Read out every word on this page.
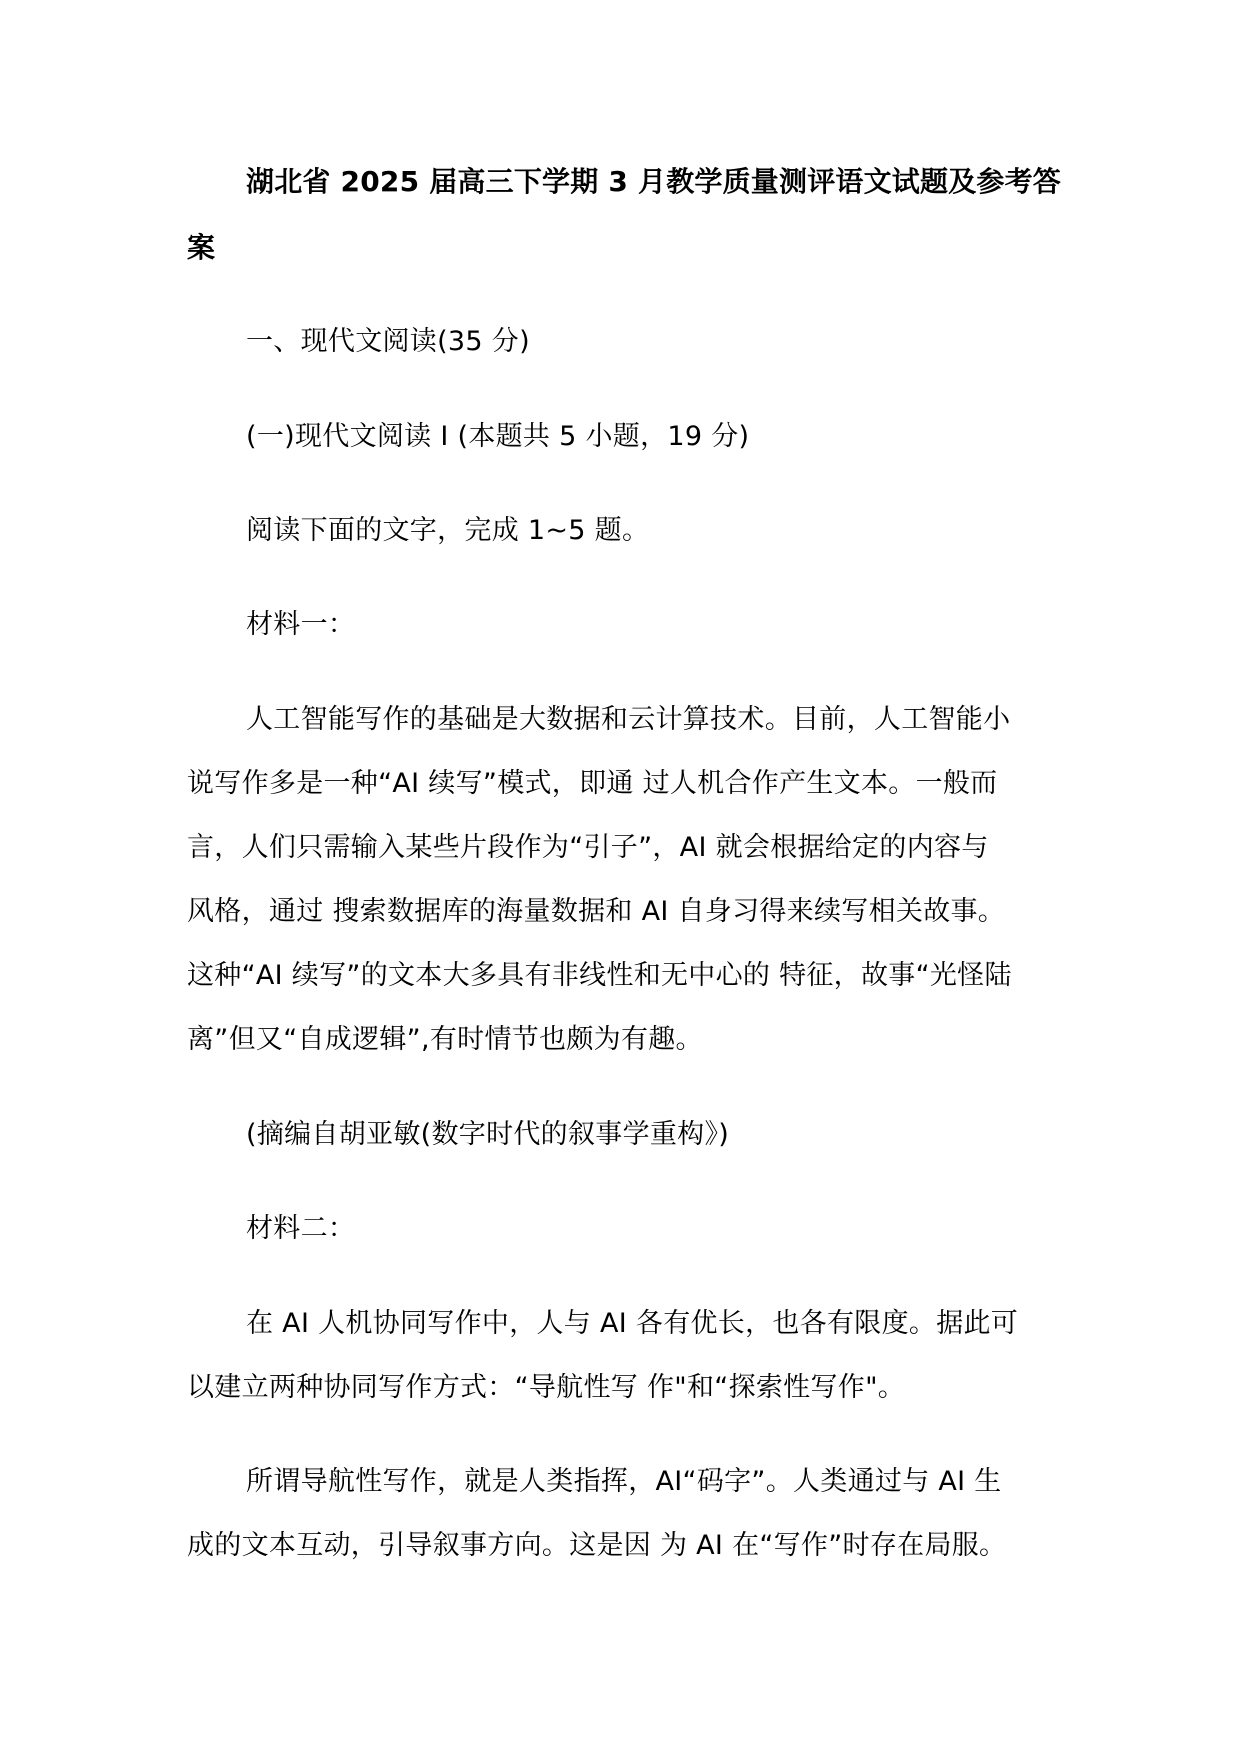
湖北省 2025 届高三下学期 3 月教学质量测评语文试题及参考答
案
一、现代文阅读(35 分)
(一)现代文阅读 I (本题共 5 小题，19 分)
阅读下面的文字，完成 1~5 题。
材料一：
人工智能写作的基础是大数据和云计算技术。目前，人工智能小
说写作多是一种“AI 续写”模式，即通 过人机合作产生文本。一般而
言，人们只需输入某些片段作为“引子”，AI 就会根据给定的内容与
风格，通过 搜索数据库的海量数据和 AI 自身习得来续写相关故事。
这种“AI 续写”的文本大多具有非线性和无中心的 特征，故事“光怪陆
离”但又“自成逻辑”,有时情节也颇为有趣。
(摘编自胡亚敏(数字时代的叙事学重构》)
材料二：
在 AI 人机协同写作中，人与 AI 各有优长，也各有限度。据此可
以建立两种协同写作方式：“导航性写 作"和“探索性写作"。
所谓导航性写作，就是人类指挥，AI“码字”。人类通过与 AI 生
成的文本互动，引导叙事方向。这是因 为 AI 在“写作”时存在局服。
